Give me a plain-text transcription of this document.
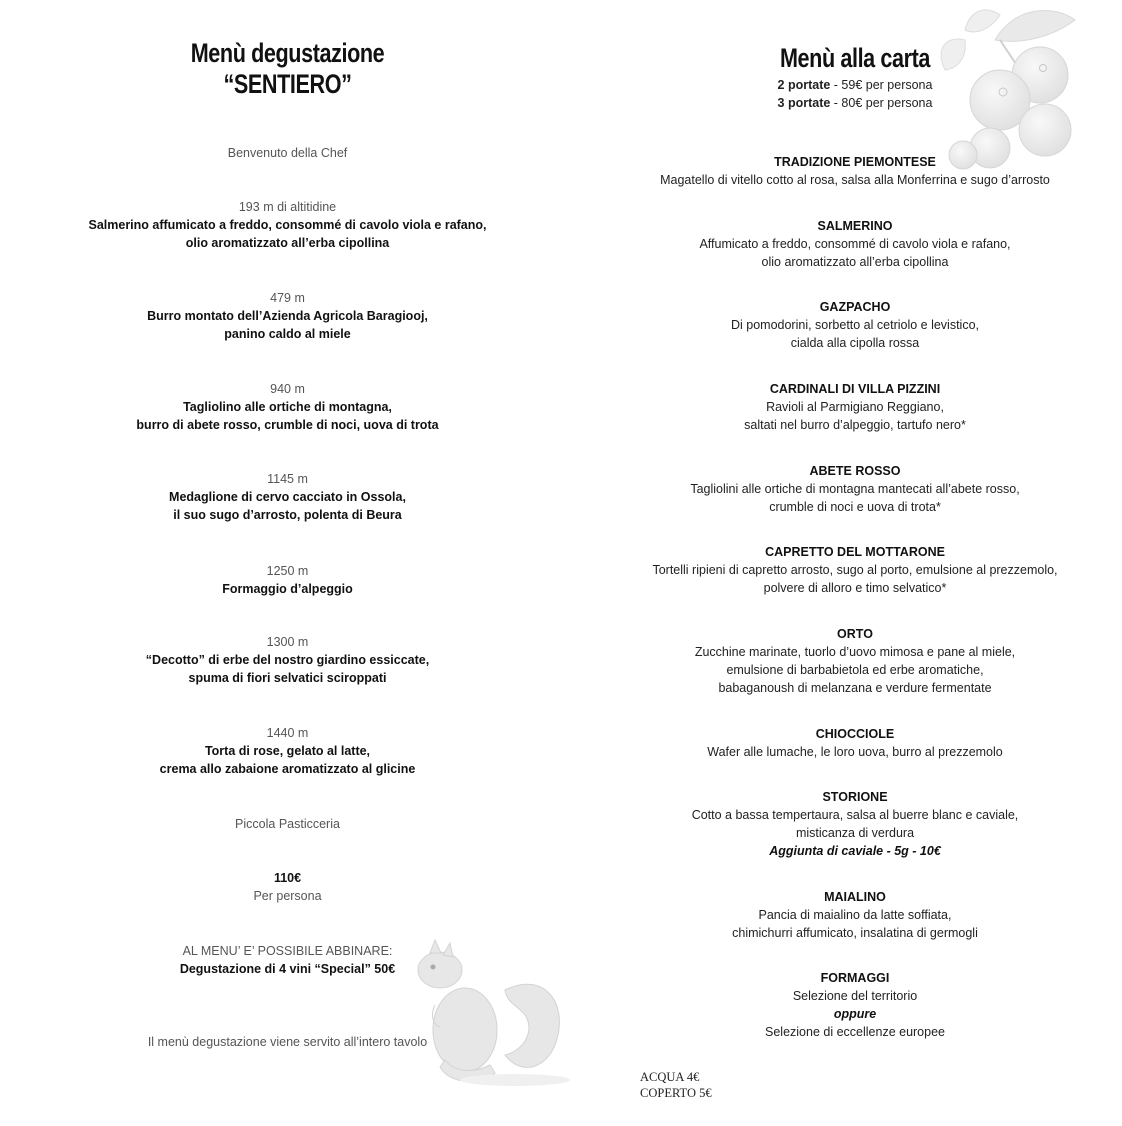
Menù degustazione
“SENTIERO”
Benvenuto della Chef
193 m di altitidine
Salmerino affumicato a freddo, consommé di cavolo viola e rafano,
olio aromatizzato all’erba cipollina
479 m
Burro montato dell’Azienda Agricola Baragiooj,
panino caldo al miele
940 m
Tagliolino alle ortiche di montagna,
burro di abete rosso, crumble di noci, uova di trota
1145 m
Medaglione di cervo cacciato in Ossola,
il suo sugo d’arrosto, polenta di Beura
1250 m
Formaggio d’alpeggio
1300 m
“Decotto” di erbe del nostro giardino essiccate,
spuma di fiori selvatici sciroppati
1440 m
Torta di rose, gelato al latte,
crema allo zabaione aromatizzato al glicine
Piccola Pasticceria
110€
Per persona
AL MENU’ E’ POSSIBILE ABBINARE:
Degustazione di 4 vini “Special” 50€
Il menù degustazione viene servito all’intero tavolo
Menù alla carta
2 portate - 59€ per persona
3 portate - 80€ per persona
TRADIZIONE PIEMONTESE
Magatello di vitello cotto al rosa, salsa alla Monferrina e sugo d’arrosto
SALMERINO
Affumicato a freddo, consommé di cavolo viola e rafano,
olio aromatizzato all’erba cipollina
GAZPACHO
Di pomodorini, sorbetto al cetriolo e levistico,
cialda alla cipolla rossa
CARDINALI DI VILLA PIZZINI
Ravioli al Parmigiano Reggiano,
saltati nel burro d’alpeggio, tartufo nero*
ABETE ROSSO
Tagliolini alle ortiche di montagna mantecati all’abete rosso,
crumble di noci e uova di trota*
CAPRETTO DEL MOTTARONE
Tortelli ripieni di capretto arrosto, sugo al porto, emulsione al prezzemolo,
polvere di alloro e timo selvatico*
ORTO
Zucchine marinate, tuorlo d’uovo mimosa e pane al miele,
emulsione di barbabietola ed erbe aromatiche,
babaganoush di melanzana e verdure fermentate
CHIOCCIOLE
Wafer alle lumache, le loro uova, burro al prezzemolo
STORIONE
Cotto a bassa tempertaura, salsa al buerre blanc e caviale,
misticanza di verdura
Aggiunta di caviale - 5g - 10€
MAIALINO
Pancia di maialino da latte soffiata,
chimichurri affumicato, insalatina di germogli
FORMAGGI
Selezione del territorio
oppure
Selezione di eccellenze europee
ACQUA 4€
COPERTO 5€
